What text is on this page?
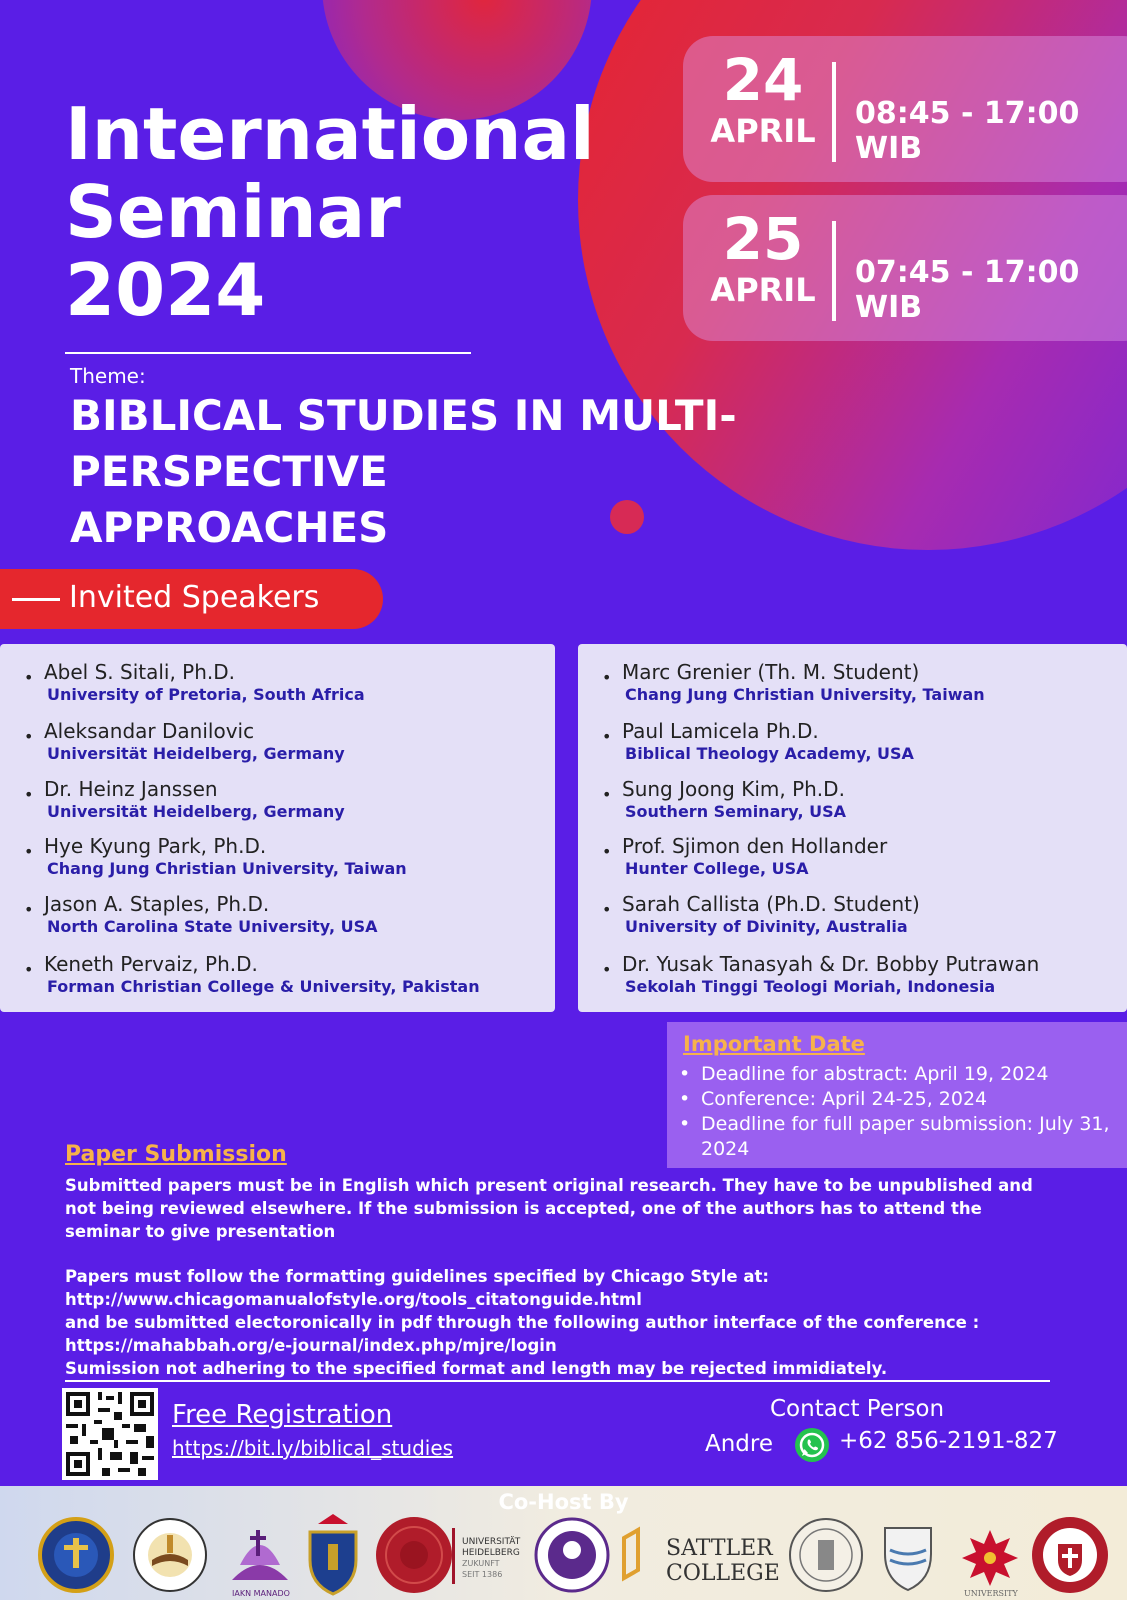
International
Seminar
2024
Theme:
BIBLICAL STUDIES IN MULTI-PERSPECTIVE
APPROACHES
24
APRIL	08:45 - 17:00 WIB
25
APRIL	07:45 - 17:00 WIB
Invited Speakers
• Abel S. Sitali, Ph.D.
University of Pretoria, South Africa
• Aleksandar Danilovic
Universität Heidelberg, Germany
• Dr. Heinz Janssen
Universität Heidelberg, Germany
• Hye Kyung Park, Ph.D.
Chang Jung Christian University, Taiwan
• Jason A. Staples, Ph.D.
North Carolina State University, USA
• Keneth Pervaiz, Ph.D.
Forman Christian College & University, Pakistan
• Marc Grenier (Th. M. Student)
Chang Jung Christian University, Taiwan
• Paul Lamicela Ph.D.
Biblical Theology Academy, USA
• Sung Joong Kim, Ph.D.
Southern Seminary, USA
• Prof. Sjimon den Hollander
Hunter College, USA
• Sarah Callista (Ph.D. Student)
University of Divinity, Australia
• Dr. Yusak Tanasyah & Dr. Bobby Putrawan
Sekolah Tinggi Teologi Moriah, Indonesia
Important Date
• Deadline for abstract: April 19, 2024
• Conference: April 24-25, 2024
• Deadline for full paper submission: July 31, 2024
Paper Submission

Submitted papers must be in English which present original research. They have to be unpublished and not being reviewed elsewhere. If the submission is accepted, one of the authors has to attend the seminar to give presentation

Papers must follow the formatting guidelines specified by Chicago Style at:

http://www.chicagomanualofstyle.org/tools_citatonguide.html

and be submitted electoronically in pdf through the following author interface of the conference :

https://mahabbah.org/e-journal/index.php/mjre/login

Sumission not adhering to the specified format and length may be rejected immidiately.

Free Registration
https://bit.ly/biblical_studies
Contact Person
Andre	+62 856-2191-827
Co-Host By
IAKN MANADO
UNIVERSITÄT
HEIDELBERG
ZUKUNFT
SEIT 1386
SATTLER
COLLEGE
UNIVERSITY
